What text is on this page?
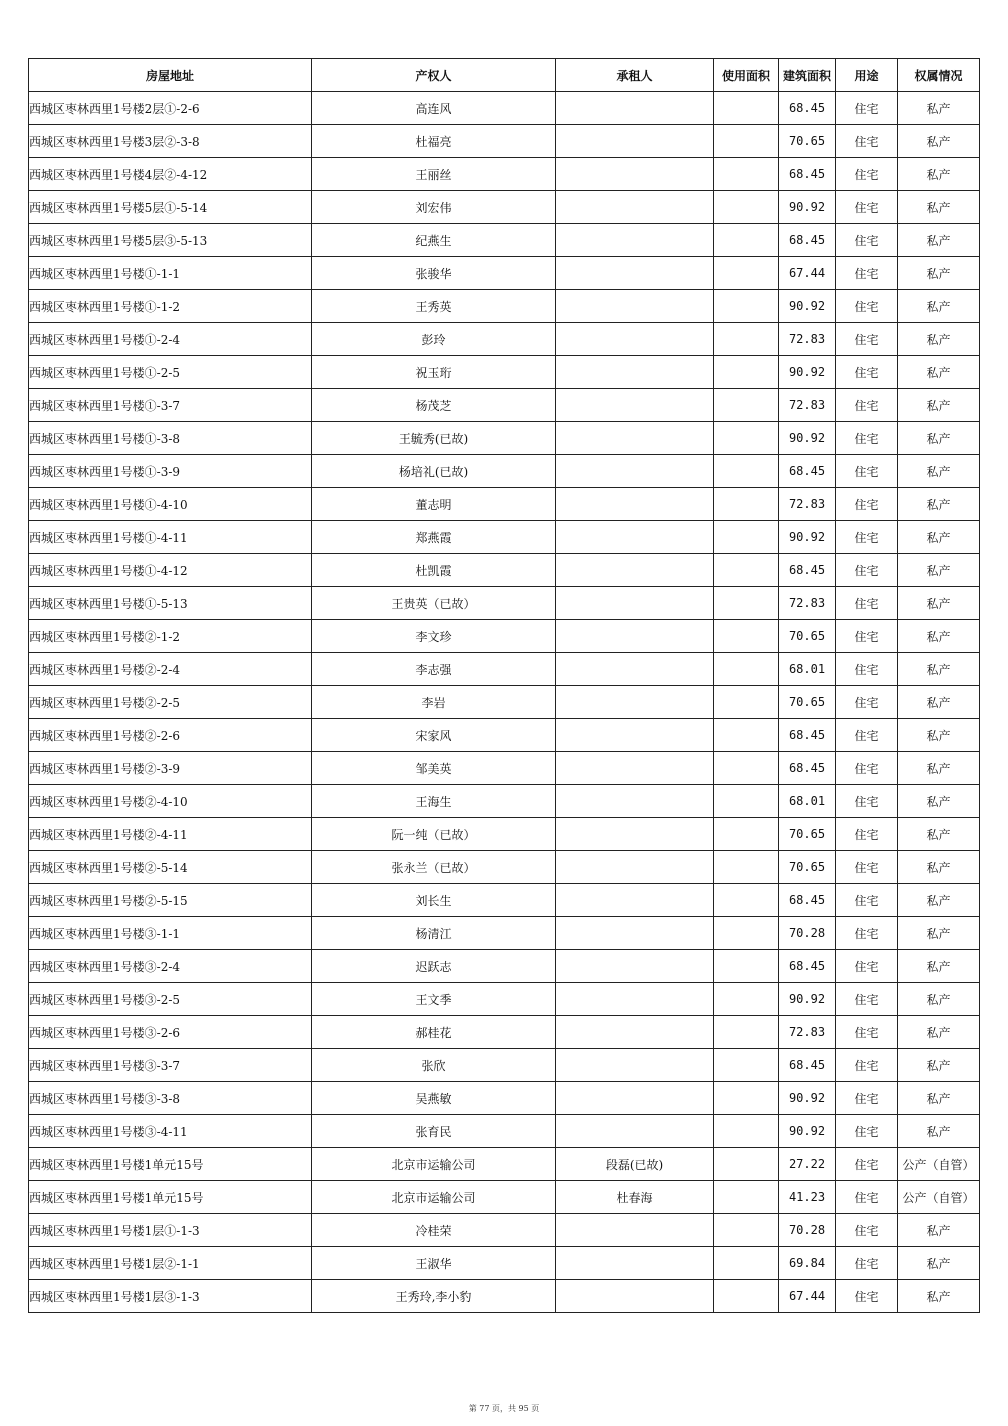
房屋地址	产权人	承租人	使用面积	建筑面积	用途	权属情况
西城区枣林西里1号楼2层①-2-6	高连风			68.45	住宅	私产
西城区枣林西里1号楼3层②-3-8	杜福亮			70.65	住宅	私产
西城区枣林西里1号楼4层②-4-12	王丽丝			68.45	住宅	私产
西城区枣林西里1号楼5层①-5-14	刘宏伟			90.92	住宅	私产
西城区枣林西里1号楼5层③-5-13	纪燕生			68.45	住宅	私产
西城区枣林西里1号楼①-1-1	张骏华			67.44	住宅	私产
西城区枣林西里1号楼①-1-2	王秀英			90.92	住宅	私产
西城区枣林西里1号楼①-2-4	彭玲			72.83	住宅	私产
西城区枣林西里1号楼①-2-5	祝玉珩			90.92	住宅	私产
西城区枣林西里1号楼①-3-7	杨茂芝			72.83	住宅	私产
西城区枣林西里1号楼①-3-8	王毓秀(已故)			90.92	住宅	私产
西城区枣林西里1号楼①-3-9	杨培礼(已故)			68.45	住宅	私产
西城区枣林西里1号楼①-4-10	董志明			72.83	住宅	私产
西城区枣林西里1号楼①-4-11	郑燕霞			90.92	住宅	私产
西城区枣林西里1号楼①-4-12	杜凯霞			68.45	住宅	私产
西城区枣林西里1号楼①-5-13	王贵英（已故）			72.83	住宅	私产
西城区枣林西里1号楼②-1-2	李文珍			70.65	住宅	私产
西城区枣林西里1号楼②-2-4	李志强			68.01	住宅	私产
西城区枣林西里1号楼②-2-5	李岩			70.65	住宅	私产
西城区枣林西里1号楼②-2-6	宋家风			68.45	住宅	私产
西城区枣林西里1号楼②-3-9	邹美英			68.45	住宅	私产
西城区枣林西里1号楼②-4-10	王海生			68.01	住宅	私产
西城区枣林西里1号楼②-4-11	阮一纯（已故）			70.65	住宅	私产
西城区枣林西里1号楼②-5-14	张永兰（已故）			70.65	住宅	私产
西城区枣林西里1号楼②-5-15	刘长生			68.45	住宅	私产
西城区枣林西里1号楼③-1-1	杨清江			70.28	住宅	私产
西城区枣林西里1号楼③-2-4	迟跃志			68.45	住宅	私产
西城区枣林西里1号楼③-2-5	王文季			90.92	住宅	私产
西城区枣林西里1号楼③-2-6	郝桂花			72.83	住宅	私产
西城区枣林西里1号楼③-3-7	张欣			68.45	住宅	私产
西城区枣林西里1号楼③-3-8	吴燕敏			90.92	住宅	私产
西城区枣林西里1号楼③-4-11	张育民			90.92	住宅	私产
西城区枣林西里1号楼1单元15号	北京市运输公司	段磊(已故)		27.22	住宅	公产（自管）
西城区枣林西里1号楼1单元15号	北京市运输公司	杜春海		41.23	住宅	公产（自管）
西城区枣林西里1号楼1层①-1-3	冷桂荣			70.28	住宅	私产
西城区枣林西里1号楼1层②-1-1	王淑华			69.84	住宅	私产
西城区枣林西里1号楼1层③-1-3	王秀玲,李小豹			67.44	住宅	私产
第 77 页，共 95 页
